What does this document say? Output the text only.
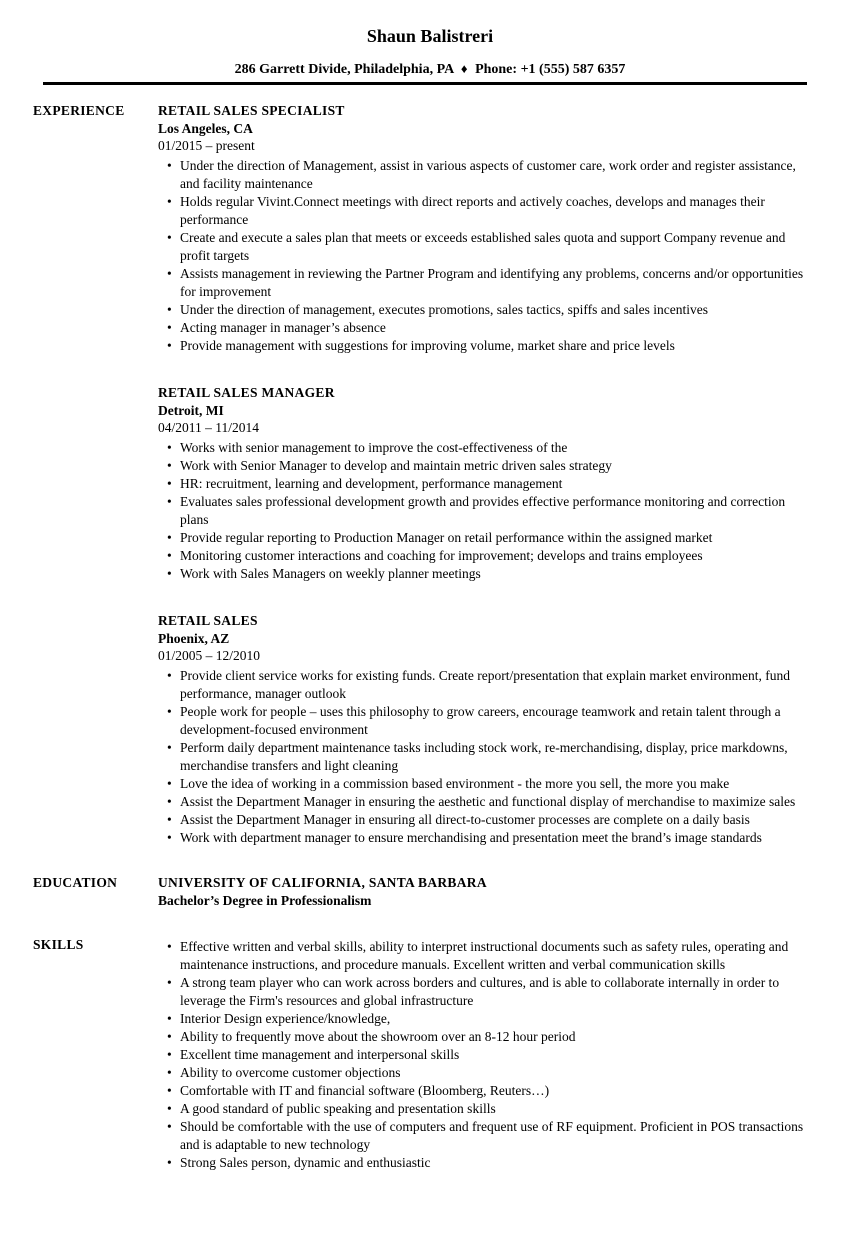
Shaun Balistreri

286 Garrett Divide, Philadelphia, PA ♦ Phone: +1 (555) 587 6357

EXPERIENCE	RETAIL SALES SPECIALIST
Los Angeles, CA
01/2015 – present
• Under the direction of Management, assist in various aspects of customer care, work order and register assistance, and facility maintenance
• Holds regular Vivint.Connect meetings with direct reports and actively coaches, develops and manages their performance
• Create and execute a sales plan that meets or exceeds established sales quota and support Company revenue and profit targets
• Assists management in reviewing the Partner Program and identifying any problems, concerns and/or opportunities for improvement
• Under the direction of management, executes promotions, sales tactics, spiffs and sales incentives
• Acting manager in manager’s absence
• Provide management with suggestions for improving volume, market share and price levels
RETAIL SALES MANAGER
Detroit, MI
04/2011 – 11/2014
• Works with senior management to improve the cost-effectiveness of the
• Work with Senior Manager to develop and maintain metric driven sales strategy
• HR: recruitment, learning and development, performance management
• Evaluates sales professional development growth and provides effective performance monitoring and correction plans
• Provide regular reporting to Production Manager on retail performance within the assigned market
• Monitoring customer interactions and coaching for improvement; develops and trains employees
• Work with Sales Managers on weekly planner meetings
RETAIL SALES
Phoenix, AZ
01/2005 – 12/2010
• Provide client service works for existing funds. Create report/presentation that explain market environment, fund performance, manager outlook
• People work for people – uses this philosophy to grow careers, encourage teamwork and retain talent through a development-focused environment
• Perform daily department maintenance tasks including stock work, re-merchandising, display, price markdowns, merchandise transfers and light cleaning
• Love the idea of working in a commission based environment - the more you sell, the more you make
• Assist the Department Manager in ensuring the aesthetic and functional display of merchandise to maximize sales
• Assist the Department Manager in ensuring all direct-to-customer processes are complete on a daily basis
• Work with department manager to ensure merchandising and presentation meet the brand’s image standards
EDUCATION	UNIVERSITY OF CALIFORNIA, SANTA BARBARA
Bachelor’s Degree in Professionalism
SKILLS	• Effective written and verbal skills, ability to interpret instructional documents such as safety rules, operating and maintenance instructions, and procedure manuals. Excellent written and verbal communication skills
• A strong team player who can work across borders and cultures, and is able to collaborate internally in order to leverage the Firm's resources and global infrastructure
• Interior Design experience/knowledge,
• Ability to frequently move about the showroom over an 8-12 hour period
• Excellent time management and interpersonal skills
• Ability to overcome customer objections
• Comfortable with IT and financial software (Bloomberg, Reuters…)
• A good standard of public speaking and presentation skills
• Should be comfortable with the use of computers and frequent use of RF equipment. Proficient in POS transactions and is adaptable to new technology
• Strong Sales person, dynamic and enthusiastic
